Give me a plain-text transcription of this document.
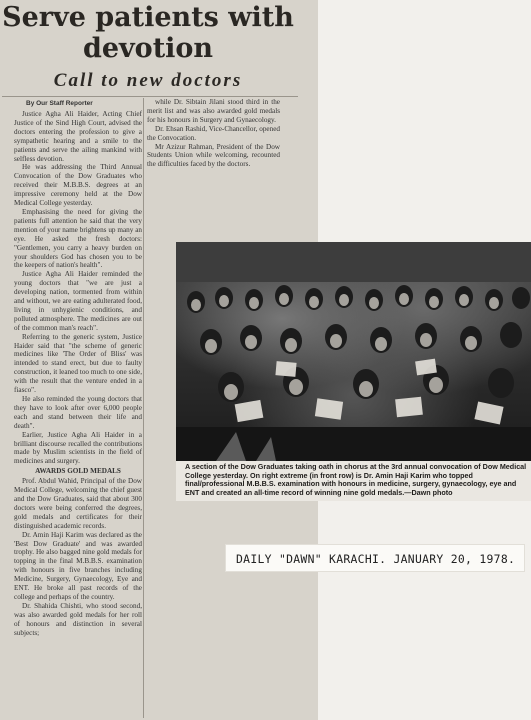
Serve patients with
devotion
Call to new doctors
By Our Staff Reporter

Justice Agha Ali Haider, Acting Chief Justice of the Sind High Court, advised the doctors entering the profession to give a sympathetic hearing and a smile to the patients and serve the ailing mankind with selfless devotion.

He was addressing the Third Annual Convocation of the Dow Graduates who received their M.B.B.S. degrees at an impressive ceremony held at the Dow Medical College yesterday.

Emphasising the need for giving the patients full attention he said that the very mention of your name brightens up many an eye. He asked the fresh doctors: "Gentlemen, you carry a heavy burden on your shoulders God has chosen you to be the keepers of nation's health".

Justice Agha Ali Haider reminded the young doctors that "we are just a developing nation, tormented from within and without, we are eating adulterated food, living in unhygienic conditions, and polluted atmosphere. The medicines are out of the common man's reach".

Referring to the generic system, Justice Haider said that "the scheme of generic medicines like 'The Order of Bliss' was intended to stand erect, but due to faulty construction, it leaned too much to one side, with the result that the venture ended in a fiasco".

He also reminded the young doctors that they have to look after over 6,000 people each and stand between their life and death".

Earlier, Justice Agha Ali Haider in a brilliant discourse recalled the contributions made by Muslim scientists in the field of medicines and surgery.

AWARDS GOLD MEDALS

Prof. Abdul Wahid, Principal of the Dow Medical College, welcoming the chief guest and the Dow Graduates, said that about 300 doctors were being conferred the degrees, gold medals and certificates for their distinguished academic records.

Dr. Amin Haji Karim was declared as the 'Best Dow Graduate' and was awarded trophy. He also bagged nine gold medals for topping in the final M.B.B.S. examination with honours in five branches including Medicine, Surgery, Gynaecology, Eye and ENT. He broke all past records of the college and perhaps of the country.

Dr. Shahida Chishti, who stood second, was also awarded gold medals for her roll of honours and distinction in several subjects;

while Dr. Sibtain Jilani stood third in the merit list and was also awarded gold medals for his honours in Surgery and Gynaecology.

Dr. Ehsan Rashid, Vice-Chancellor, opened the Convocation.

Mr Azizur Rahman, President of the Dow Students Union while welcoming, recounted the difficulties faced by the doctors.

A section of the Dow Graduates taking oath in chorus at the 3rd annual convocation of Dow Medical College yesterday. On right extreme (in front row) is Dr. Amin Haji Karim who topped final/professional M.B.B.S. examination with honours in medicine, surgery, gynaecology, eye and ENT and created an all-time record of winning nine gold medals.—Dawn photo
DAILY "DAWN" KARACHI. JANUARY 20, 1978.
